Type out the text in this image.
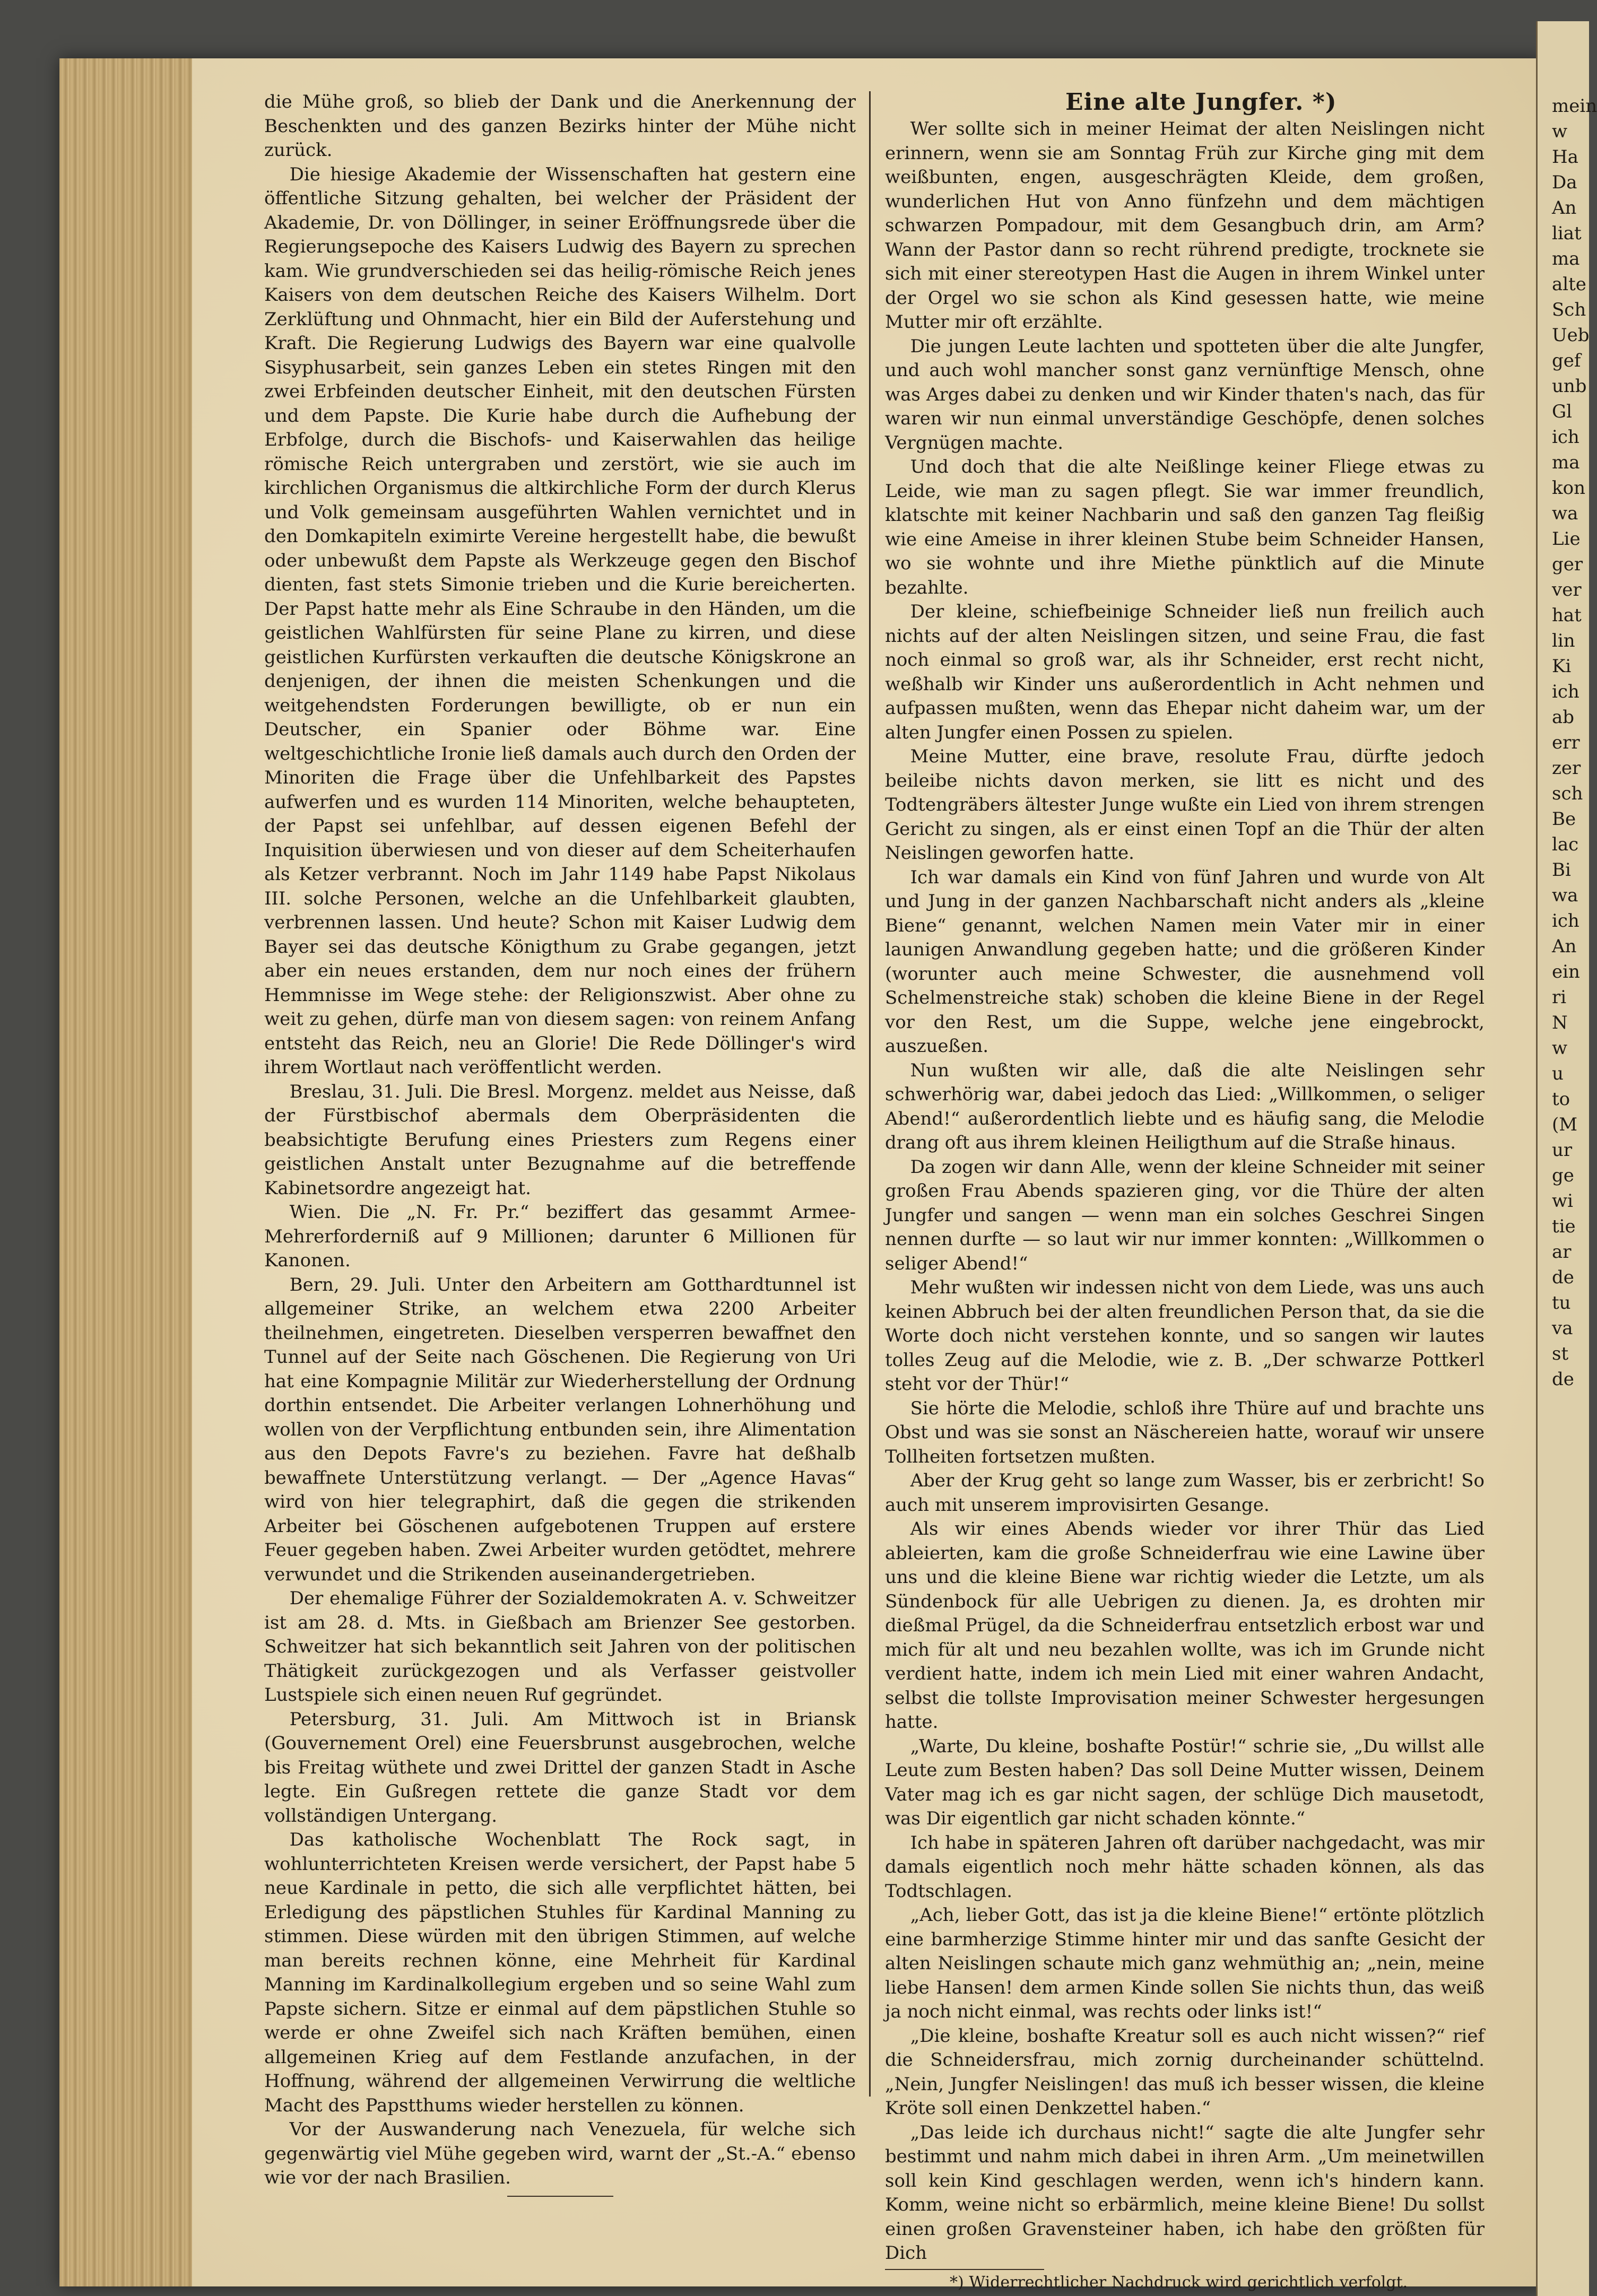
mein
w
Ha
Da
An
liat
ma
alte
Sch
Ueb
gef
unb
Gl
ich
ma
kon
wa
Lie
ger
ver
hat
lin
Ki
ich
ab
err
zer
sch
Be
lac
Bi
wa
ich
An
ein
ri
N
w
u
to
(M
ur
ge
wi
tie
ar
de
tu
va
st
de

die Mühe groß, so blieb der Dank und die Anerkennung der Beschenkten und des ganzen Bezirks hinter der Mühe nicht zurück.

Die hiesige Akademie der Wissenschaften hat gestern eine öffentliche Sitzung gehalten, bei welcher der Präsident der Akademie, Dr. von Döllinger, in seiner Eröffnungsrede über die Regierungsepoche des Kaisers Ludwig des Bayern zu sprechen kam. Wie grundverschieden sei das heilig-römische Reich jenes Kaisers von dem deutschen Reiche des Kaisers Wilhelm. Dort Zerklüftung und Ohnmacht, hier ein Bild der Auferstehung und Kraft. Die Regierung Ludwigs des Bayern war eine qualvolle Sisyphusarbeit, sein ganzes Leben ein stetes Ringen mit den zwei Erbfeinden deutscher Einheit, mit den deutschen Fürsten und dem Papste. Die Kurie habe durch die Aufhebung der Erbfolge, durch die Bischofs- und Kaiserwahlen das heilige römische Reich untergraben und zerstört, wie sie auch im kirchlichen Organismus die altkirchliche Form der durch Klerus und Volk gemeinsam ausgeführten Wahlen vernichtet und in den Domkapiteln eximirte Vereine hergestellt habe, die bewußt oder unbewußt dem Papste als Werkzeuge gegen den Bischof dienten, fast stets Simonie trieben und die Kurie bereicherten. Der Papst hatte mehr als Eine Schraube in den Händen, um die geistlichen Wahlfürsten für seine Plane zu kirren, und diese geistlichen Kurfürsten verkauften die deutsche Königskrone an denjenigen, der ihnen die meisten Schenkungen und die weitgehendsten Forderungen bewilligte, ob er nun ein Deutscher, ein Spanier oder Böhme war. Eine weltgeschichtliche Ironie ließ damals auch durch den Orden der Minoriten die Frage über die Unfehlbarkeit des Papstes aufwerfen und es wurden 114 Minoriten, welche behaupteten, der Papst sei unfehlbar, auf dessen eigenen Befehl der Inquisition überwiesen und von dieser auf dem Scheiterhaufen als Ketzer verbrannt. Noch im Jahr 1149 habe Papst Nikolaus III. solche Personen, welche an die Unfehlbarkeit glaubten, verbrennen lassen. Und heute? Schon mit Kaiser Ludwig dem Bayer sei das deutsche Königthum zu Grabe gegangen, jetzt aber ein neues erstanden, dem nur noch eines der frühern Hemmnisse im Wege stehe: der Religionszwist. Aber ohne zu weit zu gehen, dürfe man von diesem sagen: von reinem Anfang entsteht das Reich, neu an Glorie! Die Rede Döllinger's wird ihrem Wortlaut nach veröffentlicht werden.

Breslau, 31. Juli. Die Bresl. Morgenz. meldet aus Neisse, daß der Fürstbischof abermals dem Oberpräsidenten die beabsichtigte Berufung eines Priesters zum Regens einer geistlichen Anstalt unter Bezugnahme auf die betreffende Kabinetsordre angezeigt hat.

Wien. Die „N. Fr. Pr.“ beziffert das gesammt Armee-Mehrerforderniß auf 9 Millionen; darunter 6 Millionen für Kanonen.

Bern, 29. Juli. Unter den Arbeitern am Gotthardtunnel ist allgemeiner Strike, an welchem etwa 2200 Arbeiter theilnehmen, eingetreten. Dieselben versperren bewaffnet den Tunnel auf der Seite nach Göschenen. Die Regierung von Uri hat eine Kompagnie Militär zur Wiederherstellung der Ordnung dorthin entsendet. Die Arbeiter verlangen Lohnerhöhung und wollen von der Verpflichtung entbunden sein, ihre Alimentation aus den Depots Favre's zu beziehen. Favre hat deßhalb bewaffnete Unterstützung verlangt. — Der „Agence Havas“ wird von hier telegraphirt, daß die gegen die strikenden Arbeiter bei Göschenen aufgebotenen Truppen auf erstere Feuer gegeben haben. Zwei Arbeiter wurden getödtet, mehrere verwundet und die Strikenden auseinandergetrieben.

Der ehemalige Führer der Sozialdemokraten A. v. Schweitzer ist am 28. d. Mts. in Gießbach am Brienzer See gestorben. Schweitzer hat sich bekanntlich seit Jahren von der politischen Thätigkeit zurückgezogen und als Verfasser geistvoller Lustspiele sich einen neuen Ruf gegründet.

Petersburg, 31. Juli. Am Mittwoch ist in Briansk (Gouvernement Orel) eine Feuersbrunst ausgebrochen, welche bis Freitag wüthete und zwei Drittel der ganzen Stadt in Asche legte. Ein Gußregen rettete die ganze Stadt vor dem vollständigen Untergang.

Das katholische Wochenblatt The Rock sagt, in wohlunterrichteten Kreisen werde versichert, der Papst habe 5 neue Kardinale in petto, die sich alle verpflichtet hätten, bei Erledigung des päpstlichen Stuhles für Kardinal Manning zu stimmen. Diese würden mit den übrigen Stimmen, auf welche man bereits rechnen könne, eine Mehrheit für Kardinal Manning im Kardinalkollegium ergeben und so seine Wahl zum Papste sichern. Sitze er einmal auf dem päpstlichen Stuhle so werde er ohne Zweifel sich nach Kräften bemühen, einen allgemeinen Krieg auf dem Festlande anzufachen, in der Hoffnung, während der allgemeinen Verwirrung die weltliche Macht des Papstthums wieder herstellen zu können.

Vor der Auswanderung nach Venezuela, für welche sich gegenwärtig viel Mühe gegeben wird, warnt der „St.-A.“ ebenso wie vor der nach Brasilien.

Eine alte Jungfer. *)

Wer sollte sich in meiner Heimat der alten Neislingen nicht erinnern, wenn sie am Sonntag Früh zur Kirche ging mit dem weißbunten, engen, ausgeschrägten Kleide, dem großen, wunderlichen Hut von Anno fünfzehn und dem mächtigen schwarzen Pompadour, mit dem Gesangbuch drin, am Arm? Wann der Pastor dann so recht rührend predigte, trocknete sie sich mit einer stereotypen Hast die Augen in ihrem Winkel unter der Orgel wo sie schon als Kind gesessen hatte, wie meine Mutter mir oft erzählte.

Die jungen Leute lachten und spotteten über die alte Jungfer, und auch wohl mancher sonst ganz vernünftige Mensch, ohne was Arges dabei zu denken und wir Kinder thaten's nach, das für waren wir nun einmal unverständige Geschöpfe, denen solches Vergnügen machte.

Und doch that die alte Neißlinge keiner Fliege etwas zu Leide, wie man zu sagen pflegt. Sie war immer freundlich, klatschte mit keiner Nachbarin und saß den ganzen Tag fleißig wie eine Ameise in ihrer kleinen Stube beim Schneider Hansen, wo sie wohnte und ihre Miethe pünktlich auf die Minute bezahlte.

Der kleine, schiefbeinige Schneider ließ nun freilich auch nichts auf der alten Neislingen sitzen, und seine Frau, die fast noch einmal so groß war, als ihr Schneider, erst recht nicht, weßhalb wir Kinder uns außerordentlich in Acht nehmen und aufpassen mußten, wenn das Ehepar nicht daheim war, um der alten Jungfer einen Possen zu spielen.

Meine Mutter, eine brave, resolute Frau, dürfte jedoch beileibe nichts davon merken, sie litt es nicht und des Todtengräbers ältester Junge wußte ein Lied von ihrem strengen Gericht zu singen, als er einst einen Topf an die Thür der alten Neislingen geworfen hatte.

Ich war damals ein Kind von fünf Jahren und wurde von Alt und Jung in der ganzen Nachbarschaft nicht anders als „kleine Biene“ genannt, welchen Namen mein Vater mir in einer launigen Anwandlung gegeben hatte; und die größeren Kinder (worunter auch meine Schwester, die ausnehmend voll Schelmenstreiche stak) schoben die kleine Biene in der Regel vor den Rest, um die Suppe, welche jene eingebrockt, auszueßen.

Nun wußten wir alle, daß die alte Neislingen sehr schwerhörig war, dabei jedoch das Lied: „Willkommen, o seliger Abend!“ außerordentlich liebte und es häufig sang, die Melodie drang oft aus ihrem kleinen Heiligthum auf die Straße hinaus.

Da zogen wir dann Alle, wenn der kleine Schneider mit seiner großen Frau Abends spazieren ging, vor die Thüre der alten Jungfer und sangen — wenn man ein solches Geschrei Singen nennen durfte — so laut wir nur immer konnten: „Willkommen o seliger Abend!“

Mehr wußten wir indessen nicht von dem Liede, was uns auch keinen Abbruch bei der alten freundlichen Person that, da sie die Worte doch nicht verstehen konnte, und so sangen wir lautes tolles Zeug auf die Melodie, wie z. B. „Der schwarze Pottkerl steht vor der Thür!“

Sie hörte die Melodie, schloß ihre Thüre auf und brachte uns Obst und was sie sonst an Näschereien hatte, worauf wir unsere Tollheiten fortsetzen mußten.

Aber der Krug geht so lange zum Wasser, bis er zerbricht! So auch mit unserem improvisirten Gesange.

Als wir eines Abends wieder vor ihrer Thür das Lied ableierten, kam die große Schneiderfrau wie eine Lawine über uns und die kleine Biene war richtig wieder die Letzte, um als Sündenbock für alle Uebrigen zu dienen. Ja, es drohten mir dießmal Prügel, da die Schneiderfrau entsetzlich erbost war und mich für alt und neu bezahlen wollte, was ich im Grunde nicht verdient hatte, indem ich mein Lied mit einer wahren Andacht, selbst die tollste Improvisation meiner Schwester hergesungen hatte.

„Warte, Du kleine, boshafte Postür!“ schrie sie, „Du willst alle Leute zum Besten haben? Das soll Deine Mutter wissen, Deinem Vater mag ich es gar nicht sagen, der schlüge Dich mausetodt, was Dir eigentlich gar nicht schaden könnte.“

Ich habe in späteren Jahren oft darüber nachgedacht, was mir damals eigentlich noch mehr hätte schaden können, als das Todtschlagen.

„Ach, lieber Gott, das ist ja die kleine Biene!“ ertönte plötzlich eine barmherzige Stimme hinter mir und das sanfte Gesicht der alten Neislingen schaute mich ganz wehmüthig an; „nein, meine liebe Hansen! dem armen Kinde sollen Sie nichts thun, das weiß ja noch nicht einmal, was rechts oder links ist!“

„Die kleine, boshafte Kreatur soll es auch nicht wissen?“ rief die Schneidersfrau, mich zornig durcheinander schüttelnd. „Nein, Jungfer Neislingen! das muß ich besser wissen, die kleine Kröte soll einen Denkzettel haben.“

„Das leide ich durchaus nicht!“ sagte die alte Jungfer sehr bestimmt und nahm mich dabei in ihren Arm. „Um meinetwillen soll kein Kind geschlagen werden, wenn ich's hindern kann. Komm, weine nicht so erbärmlich, meine kleine Biene! Du sollst einen großen Gravensteiner haben, ich habe den größten für Dich

*) Widerrechtlicher Nachdruck wird gerichtlich verfolgt.
